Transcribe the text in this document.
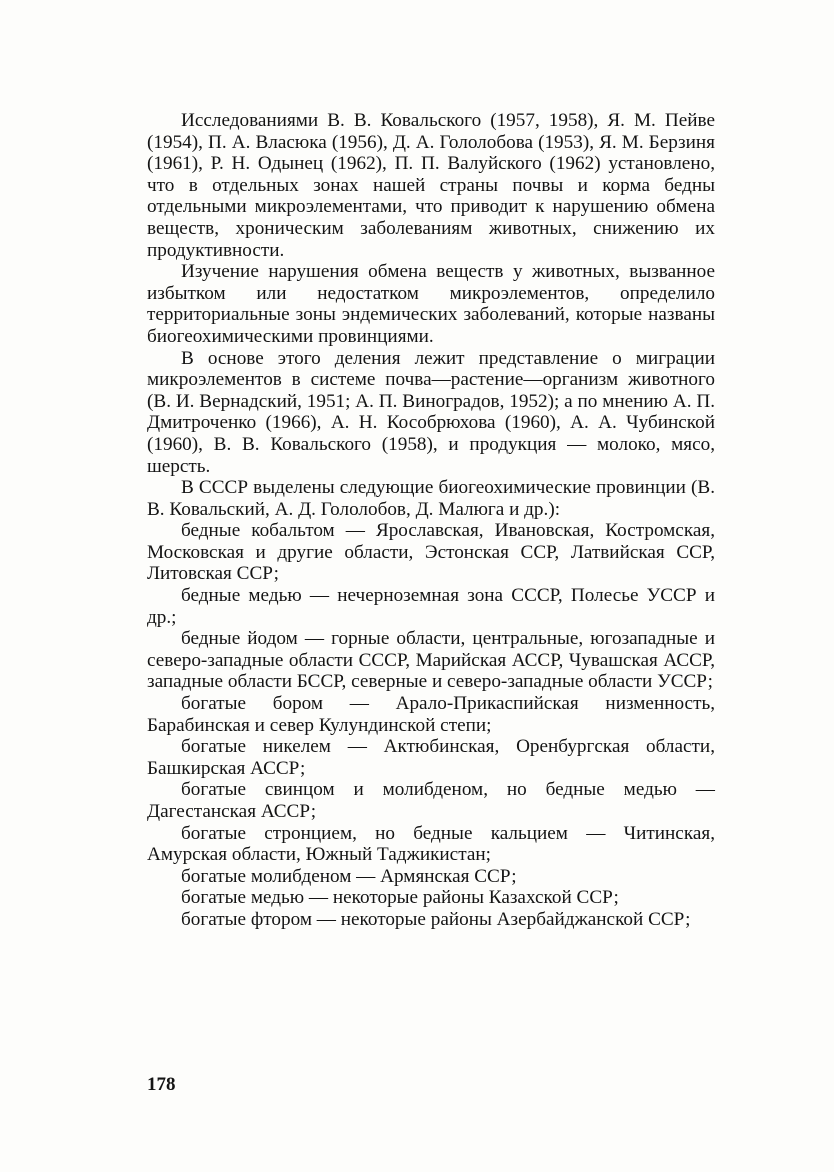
Исследованиями В. В. Ковальского (1957, 1958), Я. М. Пейве (1954), П. А. Власюка (1956), Д. А. Гололобова (1953), Я. М. Берзиня (1961), Р. Н. Одынец (1962), П. П. Валуйского (1962) установлено, что в отдельных зонах нашей страны почвы и корма бедны отдельными микроэлементами, что приводит к нарушению обмена веществ, хроническим заболеваниям животных, снижению их продуктивности.

Изучение нарушения обмена веществ у животных, вызванное избытком или недостатком микроэлементов, определило территориальные зоны эндемических заболеваний, которые названы биогеохимическими провинциями.

В основе этого деления лежит представление о миграции микроэлементов в системе почва—растение—организм животного (В. И. Вернадский, 1951; А. П. Виноградов, 1952); а по мнению А. П. Дмитроченко (1966), А. Н. Кособрюхова (1960), А. А. Чубинской (1960), В. В. Ковальского (1958), и продукция — молоко, мясо, шерсть.

В СССР выделены следующие биогеохимические провинции (В. В. Ковальский, А. Д. Гололобов, Д. Малюга и др.):

бедные кобальтом — Ярославская, Ивановская, Костромская, Московская и другие области, Эстонская ССР, Латвийская ССР, Литовская ССР;

бедные медью — нечерноземная зона СССР, Полесье УССР и др.;

бедные йодом — горные области, центральные, югозападные и северо-западные области СССР, Марийская АССР, Чувашская АССР, западные области БССР, северные и северо-западные области УССР;

богатые бором — Арало-Прикаспийская низменность, Барабинская и север Кулундинской степи;

богатые никелем — Актюбинская, Оренбургская области, Башкирская АССР;

богатые свинцом и молибденом, но бедные медью — Дагестанская АССР;

богатые стронцием, но бедные кальцием — Читинская, Амурская области, Южный Таджикистан;

богатые молибденом — Армянская ССР;

богатые медью — некоторые районы Казахской ССР;

богатые фтором — некоторые районы Азербайджанской ССР;

178
